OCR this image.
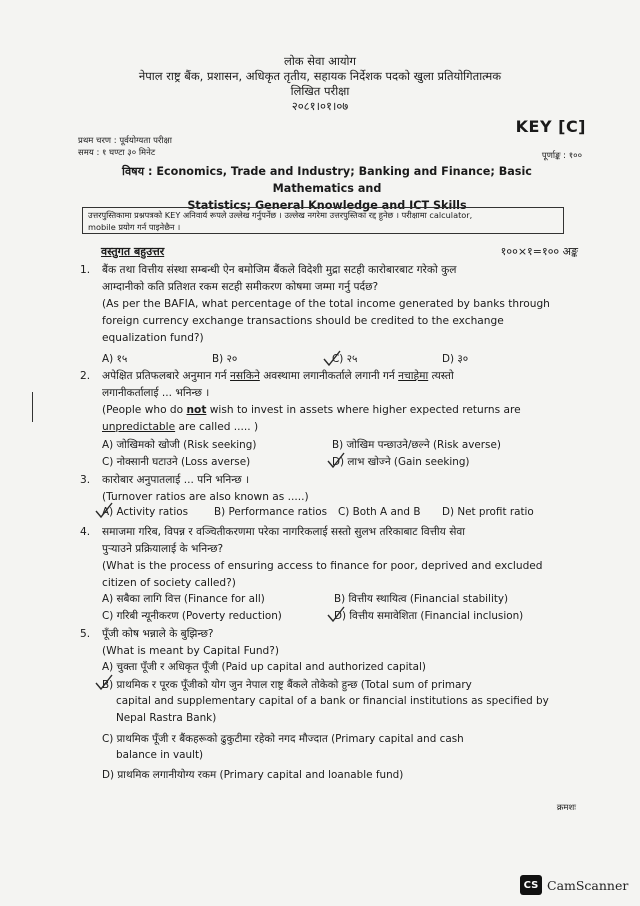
लोक सेवा आयोग
नेपाल राष्ट्र बैंक, प्रशासन, अधिकृत तृतीय, सहायक निर्देशक पदको खुला प्रतियोगितात्मक
लिखित परीक्षा
२०८१।०१।०७
KEY [C]
प्रथम चरण : पूर्वयोग्यता परीक्षा
समय : १ घण्टा ३० मिनेट	पूर्णाङ्क : १००
विषय : Economics, Trade and Industry; Banking and Finance; Basic Mathematics and
Statistics; General Knowledge and ICT Skills
उत्तरपुस्तिकामा प्रश्नपत्रको KEY अनिवार्य रूपले उल्लेख गर्नुपर्नेछ । उल्लेख नगरेमा उत्तरपुस्तिका रद्द हुनेछ । परीक्षामा calculator,
mobile प्रयोग गर्न पाइनेछैन ।
वस्तुगत बहुउत्तर	१००×१=१०० अङ्क
1. बैंक तथा वित्तीय संस्था सम्बन्धी ऐन बमोजिम बैंकले विदेशी मुद्रा सटही कारोबारबाट गरेको कुल
आम्दानीको कति प्रतिशत रकम सटही समीकरण कोषमा जम्मा गर्नु पर्दछ?
(As per the BAFIA, what percentage of the total income generated by banks through
foreign currency exchange transactions should be credited to the exchange
equalization fund?)
A) १५	B) २०	C) २५	D) ३०
2. अपेक्षित प्रतिफलबारे अनुमान गर्न नसकिने अवस्थामा लगानीकर्ताले लगानी गर्न नचाहेमा त्यस्तो
लगानीकर्तालाई ... भनिन्छ ।
(People who do not wish to invest in assets where higher expected returns are
unpredictable are called ..... )
A) जोखिमको खोजी (Risk seeking)	B) जोखिम पन्छाउने/छल्ने (Risk averse)
C) नोक्सानी घटाउने (Loss averse)	D) लाभ खोज्ने (Gain seeking)
3. कारोबार अनुपातलाई ... पनि भनिन्छ ।
(Turnover ratios are also known as .....)
A) Activity ratios	B) Performance ratios C) Both A and B D) Net profit ratio
4. समाजमा गरिब, विपन्न र वञ्चितीकरणमा परेका नागरिकलाई सस्तो सुलभ तरिकाबाट वित्तीय सेवा
पुऱ्याउने प्रक्रियालाई के भनिन्छ?
(What is the process of ensuring access to finance for poor, deprived and excluded
citizen of society called?)
A) सबैका लागि वित्त (Finance for all)	B) वित्तीय स्थायित्व (Financial stability)
C) गरिबी न्यूनीकरण (Poverty reduction)	D) वित्तीय समावेशिता (Financial inclusion)
5. पूँजी कोष भन्नाले के बुझिन्छ?
(What is meant by Capital Fund?)
A) चुक्ता पूँजी र अधिकृत पूँजी (Paid up capital and authorized capital)
B) प्राथमिक र पूरक पूँजीको योग जुन नेपाल राष्ट्र बैंकले तोकेको हुन्छ (Total sum of primary
capital and supplementary capital of a bank or financial institutions as specified by
Nepal Rastra Bank)
C) प्राथमिक पूँजी र बैंकहरूको ढुकुटीमा रहेको नगद मौज्दात (Primary capital and cash
balance in vault)
D) प्राथमिक लगानीयोग्य रकम (Primary capital and loanable fund)
क्रमशः
CS CamScanner
